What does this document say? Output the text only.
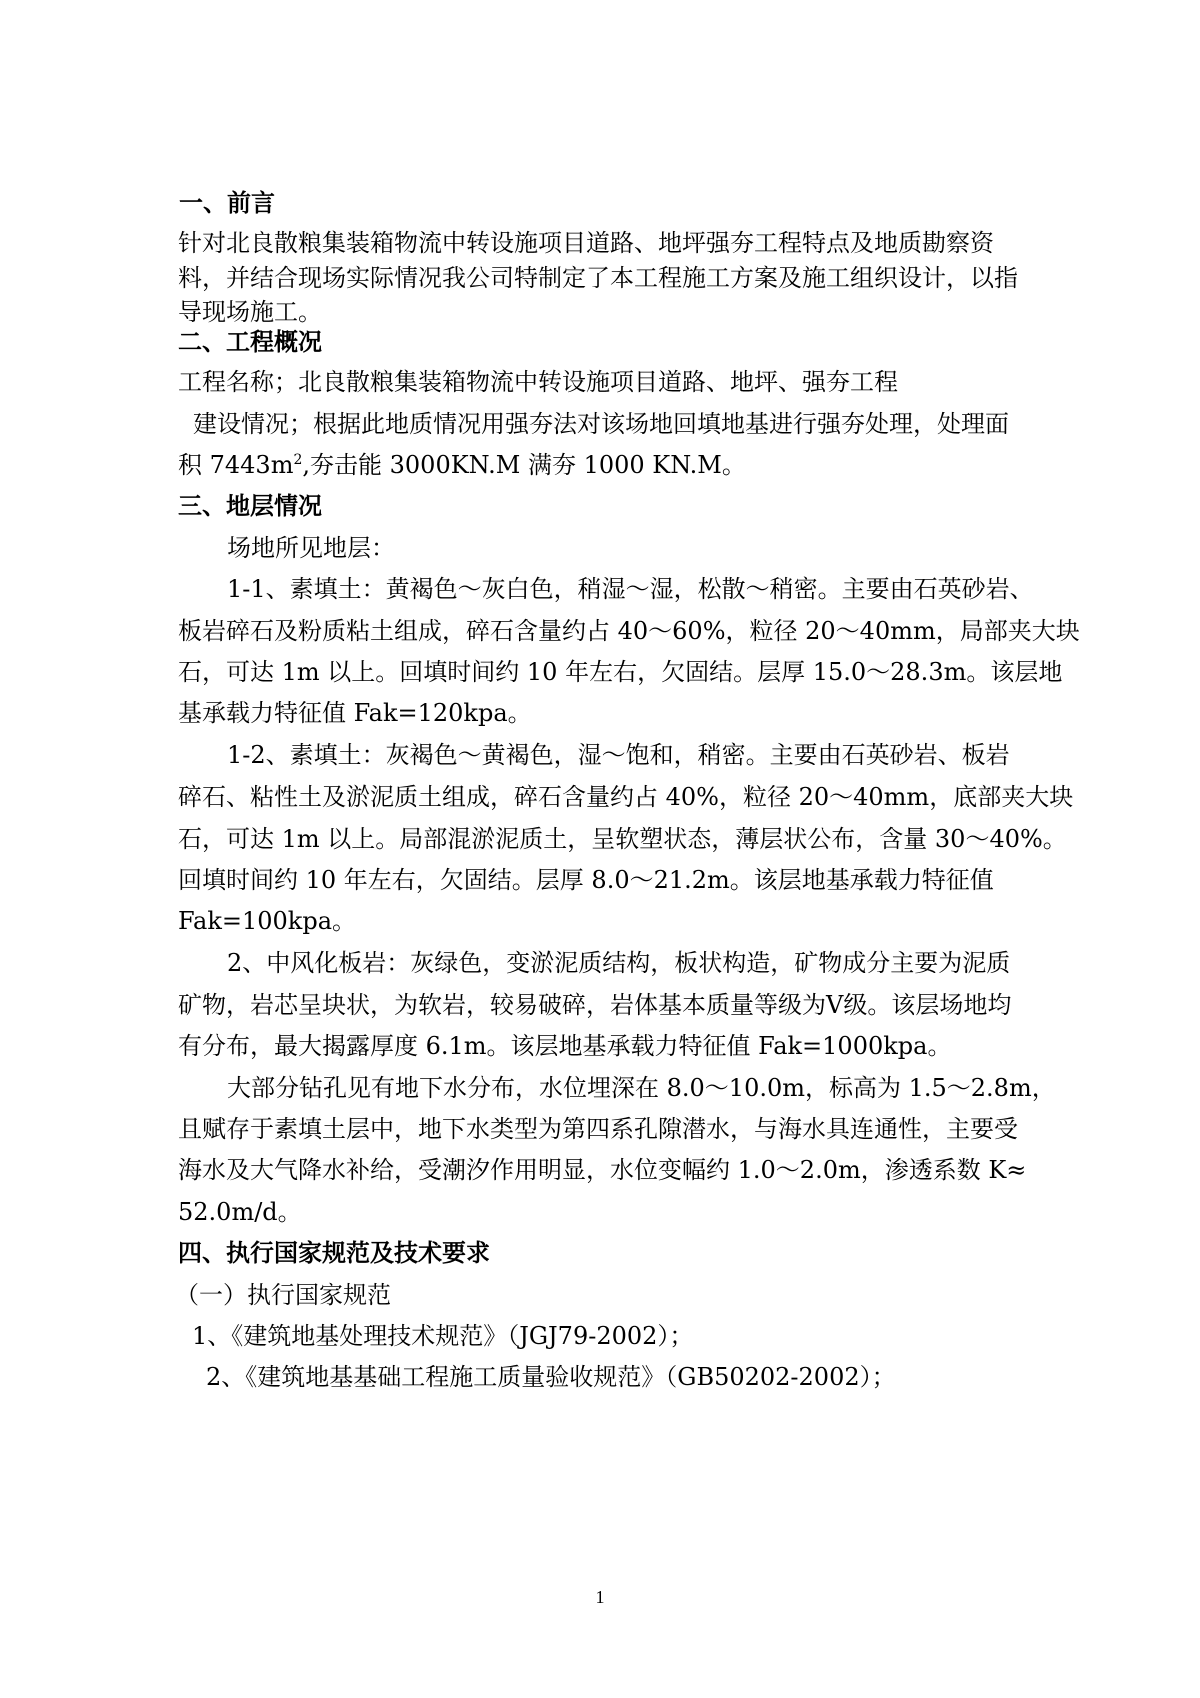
一、前言
针对北良散粮集装箱物流中转设施项目道路、地坪强夯工程特点及地质勘察资
料，并结合现场实际情况我公司特制定了本工程施工方案及施工组织设计，以指
导现场施工。
二、工程概况
工程名称；北良散粮集装箱物流中转设施项目道路、地坪、强夯工程
建设情况；根据此地质情况用强夯法对该场地回填地基进行强夯处理，处理面
积 $7443m^2$,夯击能 3000KN.M 满夯 1000 KN.M。
三、地层情况
场地所见地层：
1-1、素填土：黄褐色～灰白色，稍湿～湿，松散～稍密。主要由石英砂岩、
板岩碎石及粉质粘土组成，碎石含量约占 40～60%，粒径 20～40mm，局部夹大块
石，可达 1m 以上。回填时间约 10 年左右，欠固结。层厚 15.0～28.3m。该层地
基承载力特征值 Fak=120kpa。
1-2、素填土：灰褐色～黄褐色，湿～饱和，稍密。主要由石英砂岩、板岩
碎石、粘性土及淤泥质土组成，碎石含量约占 40%，粒径 20～40mm，底部夹大块
石，可达 1m 以上。局部混淤泥质土，呈软塑状态，薄层状公布，含量 30～40%。
回填时间约 10 年左右，欠固结。层厚 8.0～21.2m。该层地基承载力特征值
Fak=100kpa。
2、中风化板岩：灰绿色，变淤泥质结构，板状构造，矿物成分主要为泥质
矿物，岩芯呈块状，为软岩，较易破碎，岩体基本质量等级为Ⅴ级。该层场地均
有分布，最大揭露厚度 6.1m。该层地基承载力特征值 Fak=1000kpa。
大部分钻孔见有地下水分布，水位埋深在 8.0～10.0m，标高为 1.5～2.8m，
且赋存于素填土层中，地下水类型为第四系孔隙潜水，与海水具连通性，主要受
海水及大气降水补给，受潮汐作用明显，水位变幅约 1.0～2.0m，渗透系数 K≈
52.0m/d。
四、执行国家规范及技术要求
（一）执行国家规范
1、《建筑地基处理技术规范》（JGJ79-2002）；
2、《建筑地基基础工程施工质量验收规范》（GB50202-2002）；
1
